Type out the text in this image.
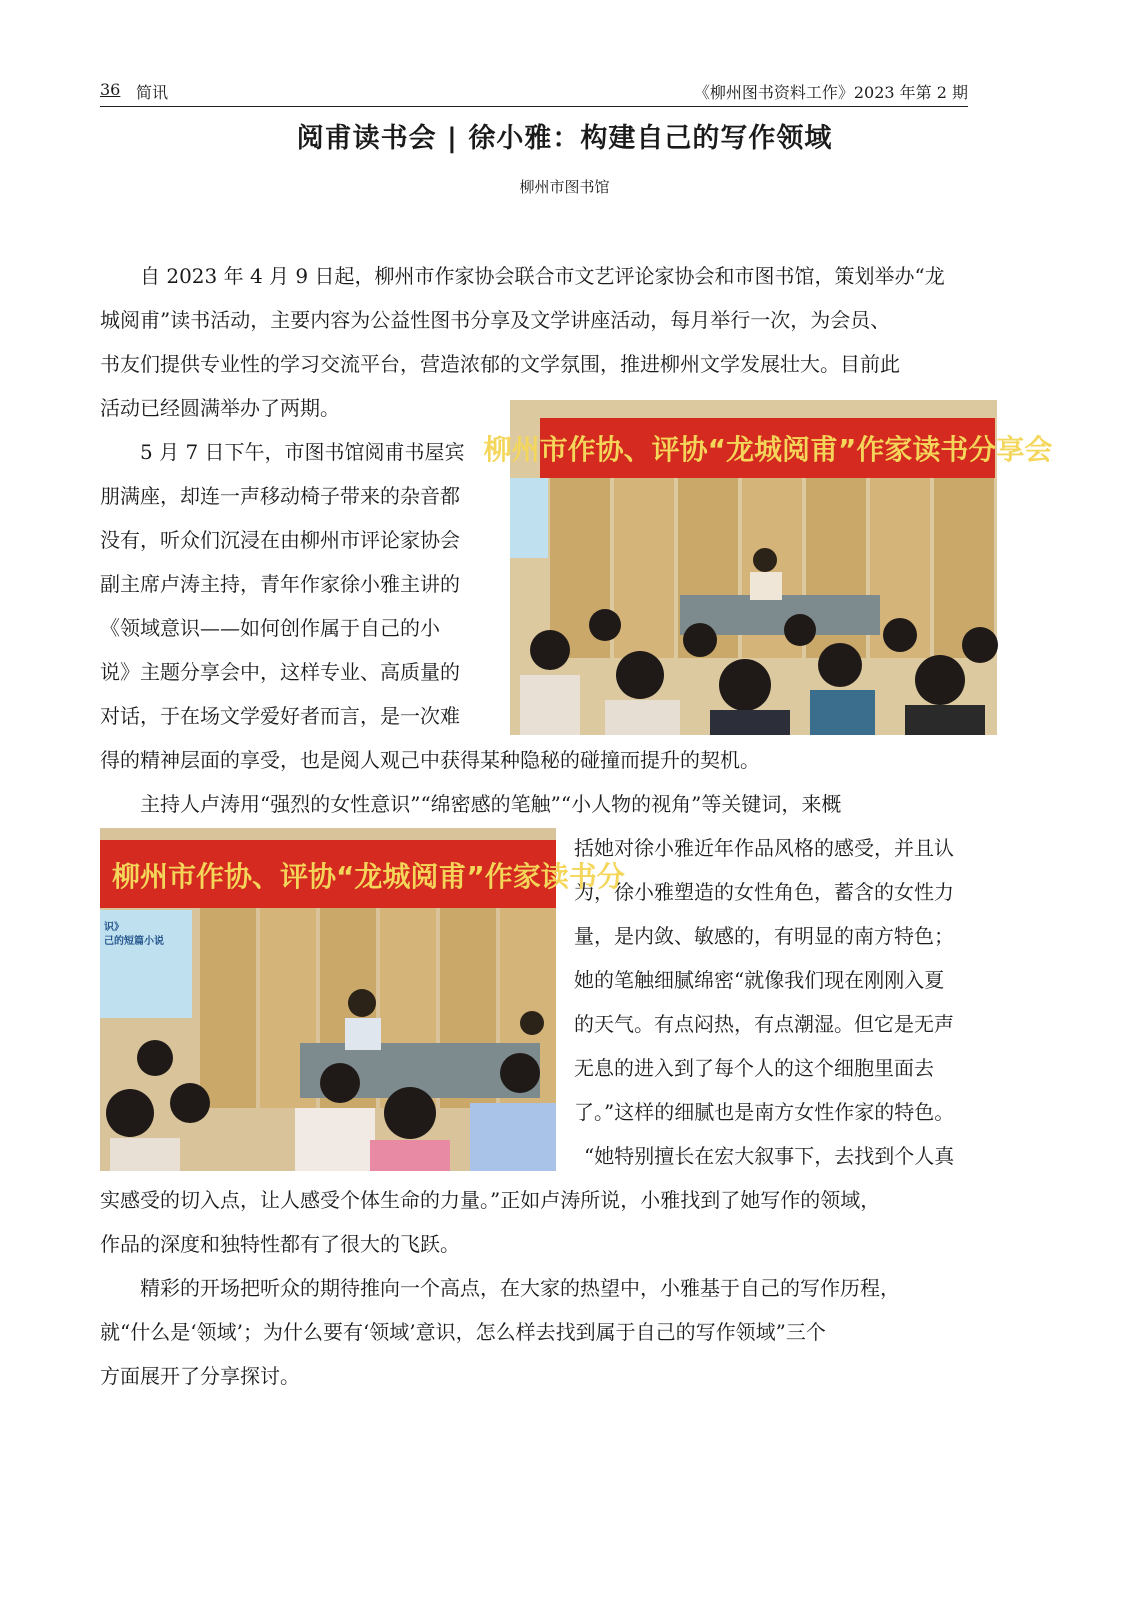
36 简讯	《柳州图书资料工作》2023 年第 2 期
阅甫读书会 | 徐小雅：构建自己的写作领域
柳州市图书馆
自 2023 年 4 月 9 日起，柳州市作家协会联合市文艺评论家协会和市图书馆，策划举办“龙
城阅甫”读书活动，主要内容为公益性图书分享及文学讲座活动，每月举行一次，为会员、
书友们提供专业性的学习交流平台，营造浓郁的文学氛围，推进柳州文学发展壮大。目前此
活动已经圆满举办了两期。
5 月 7 日下午，市图书馆阅甫书屋宾
朋满座，却连一声移动椅子带来的杂音都
没有，听众们沉浸在由柳州市评论家协会
副主席卢涛主持，青年作家徐小雅主讲的
《领域意识——如何创作属于自己的小
说》主题分享会中，这样专业、高质量的
对话，于在场文学爱好者而言，是一次难
得的精神层面的享受，也是阅人观己中获得某种隐秘的碰撞而提升的契机。
主持人卢涛用“强烈的女性意识”“绵密感的笔触”“小人物的视角”等关键词，来概
括她对徐小雅近年作品风格的感受，并且认
为，徐小雅塑造的女性角色，蓄含的女性力
量，是内敛、敏感的，有明显的南方特色；
她的笔触细腻绵密“就像我们现在刚刚入夏
的天气。有点闷热，有点潮湿。但它是无声
无息的进入到了每个人的这个细胞里面去
了。”这样的细腻也是南方女性作家的特色。
“她特别擅长在宏大叙事下，去找到个人真
实感受的切入点，让人感受个体生命的力量。”正如卢涛所说，小雅找到了她写作的领域，
作品的深度和独特性都有了很大的飞跃。
精彩的开场把听众的期待推向一个高点，在大家的热望中，小雅基于自己的写作历程，
就“什么是‘领域’；为什么要有‘领域’意识，怎么样去找到属于自己的写作领域”三个
方面展开了分享探讨。
柳州市作协、评协“龙城阅甫”作家读书分享会
柳州市作协、评协“龙城阅甫”作家读书分
识》
己的短篇小说
